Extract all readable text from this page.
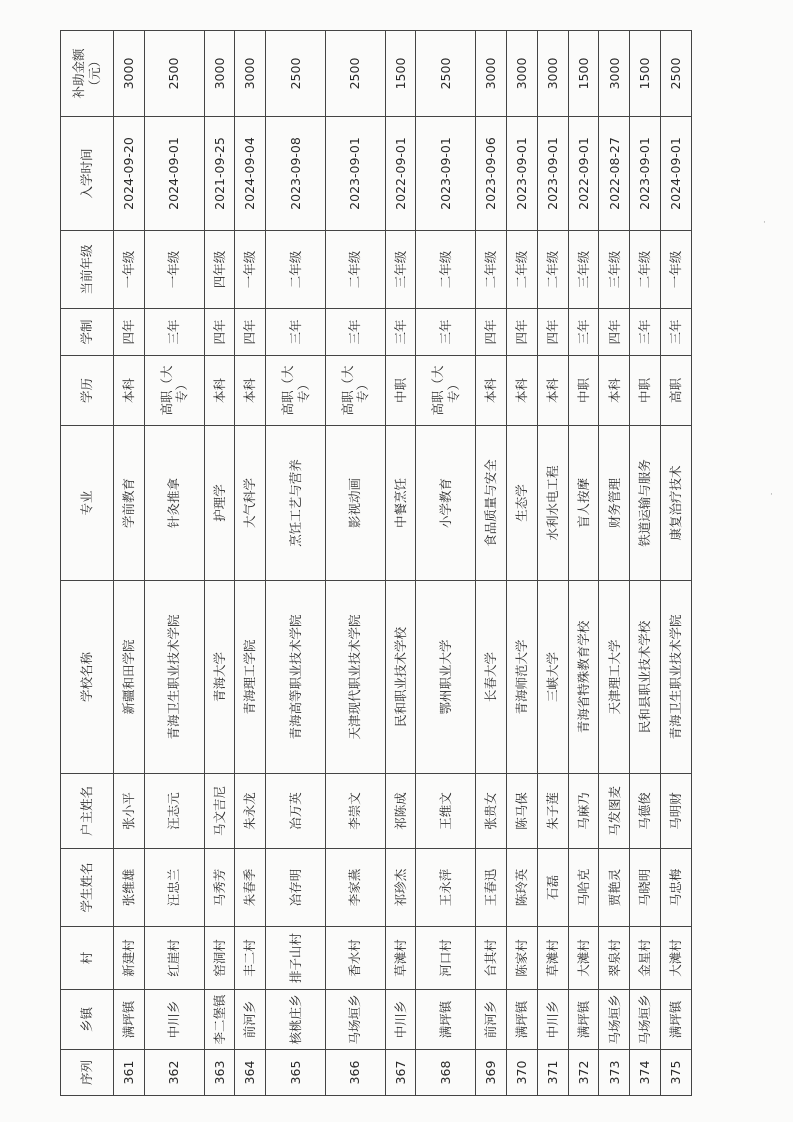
序列	乡镇	村	学生姓名	户主姓名	学校名称	专业	学历	学制	当前年级	入学时间	补助金额（元）
361	满坪镇	新建村	张维雄	张小平	新疆和田学院	学前教育	本科	四年	一年级	2024-09-20	3000
362	中川乡	红崖村	汪忠兰	汪志元	青海卫生职业技术学院	针灸推拿	高职（大专）	三年	一年级	2024-09-01	2500
363	李二堡镇	窑洞村	马秀芳	马文吉尼	青海大学	护理学	本科	四年	四年级	2021-09-25	3000
364	前河乡	丰二村	朱春季	朱永龙	青海理工学院	大气科学	本科	四年	一年级	2024-09-04	3000
365	核桃庄乡	排子山村	冶存明	冶万英	青海高等职业技术学院	烹饪工艺与营养	高职（大专）	三年	二年级	2023-09-08	2500
366	马场垣乡	香水村	李家燕	李崇文	天津现代职业技术学院	影视动画	高职（大专）	三年	二年级	2023-09-01	2500
367	中川乡	草滩村	祁珍杰	祁陈成	民和职业技术学校	中餐烹饪	中职	三年	三年级	2022-09-01	1500
368	满坪镇	河口村	王永萍	王维文	鄂州职业大学	小学教育	高职（大专）	三年	二年级	2023-09-01	2500
369	前河乡	台其村	王春迅	张贵女	长春大学	食品质量与安全	本科	四年	二年级	2023-09-06	3000
370	满坪镇	陈家村	陈玲英	陈马保	青海师范大学	生态学	本科	四年	二年级	2023-09-01	3000
371	中川乡	草滩村	石磊	朱子莲	三峡大学	水利水电工程	本科	四年	二年级	2023-09-01	3000
372	满坪镇	大滩村	马哈克	马麻乃	青海省特殊教育学校	盲人按摩	中职	三年	三年级	2022-09-01	1500
373	马场垣乡	翠泉村	贾艳灵	马发图麦	天津理工大学	财务管理	本科	四年	三年级	2022-08-27	3000
374	马场垣乡	金星村	马晓明	马德俊	民和县职业技术学校	铁道运输与服务	中职	三年	二年级	2023-09-01	1500
375	满坪镇	大滩村	马忠梅	马明财	青海卫生职业技术学院	康复治疗技术	高职	三年	一年级	2024-09-01	2500
·
·
